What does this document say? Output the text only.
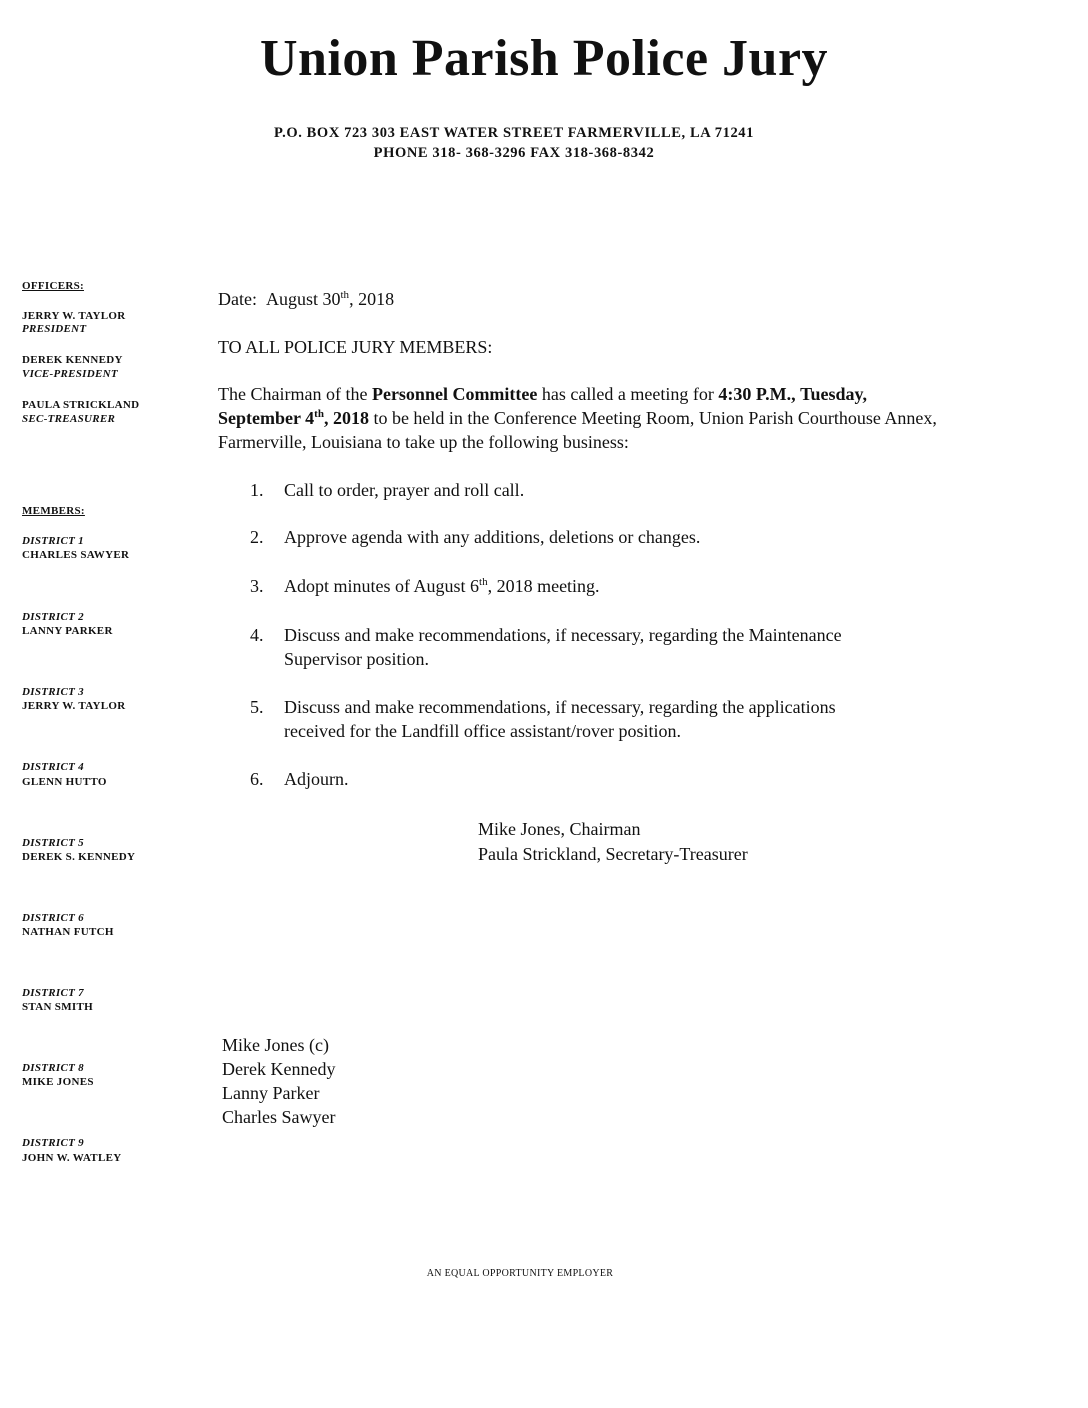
Union Parish Police Jury
P.O. BOX 723 303 EAST WATER STREET FARMERVILLE, LA 71241
PHONE 318- 368-3296 FAX 318-368-8342
OFFICERS:
JERRY W. TAYLOR
PRESIDENT
DEREK KENNEDY
VICE-PRESIDENT
PAULA STRICKLAND
SEC-TREASURER
MEMBERS:
DISTRICT 1
CHARLES SAWYER
DISTRICT 2
LANNY PARKER
DISTRICT 3
JERRY W. TAYLOR
DISTRICT 4
GLENN HUTTO
DISTRICT 5
DEREK S. KENNEDY
DISTRICT 6
NATHAN FUTCH
DISTRICT 7
STAN SMITH
DISTRICT 8
MIKE JONES
DISTRICT 9
JOHN W. WATLEY
Date: August 30th, 2018
TO ALL POLICE JURY MEMBERS:
The Chairman of the Personnel Committee has called a meeting for 4:30 P.M., Tuesday, September 4th, 2018 to be held in the Conference Meeting Room, Union Parish Courthouse Annex, Farmerville, Louisiana to take up the following business:
1. Call to order, prayer and roll call.
2. Approve agenda with any additions, deletions or changes.
3. Adopt minutes of August 6th, 2018 meeting.
4. Discuss and make recommendations, if necessary, regarding the Maintenance
Supervisor position.
5. Discuss and make recommendations, if necessary, regarding the applications
received for the Landfill office assistant/rover position.
6. Adjourn.
Mike Jones, Chairman
Paula Strickland, Secretary-Treasurer
Mike Jones (c)
Derek Kennedy
Lanny Parker
Charles Sawyer
AN EQUAL OPPORTUNITY EMPLOYER
